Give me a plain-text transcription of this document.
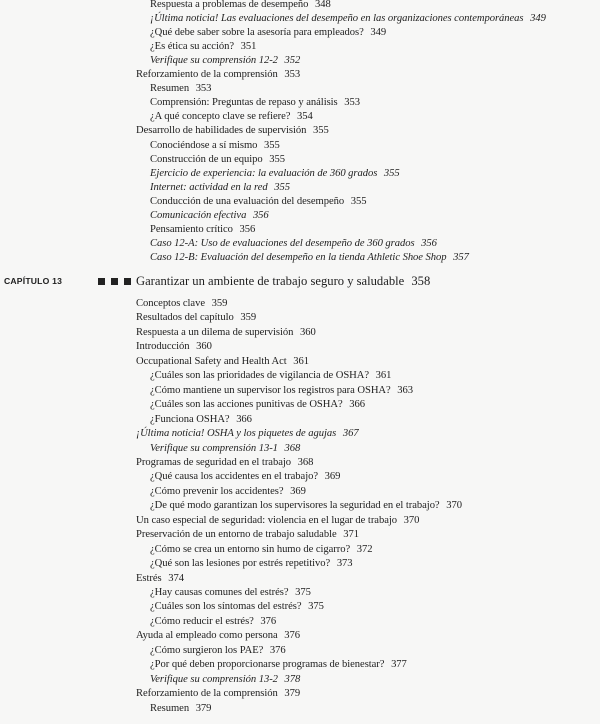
Respuesta a problemas de desempeño 348
¡Última noticia! Las evaluaciones del desempeño en las organizaciones contemporáneas 349
¿Qué debe saber sobre la asesoría para empleados? 349
¿Es ética su acción? 351
Verifique su comprensión 12-2 352
Reforzamiento de la comprensión 353
Resumen 353
Comprensión: Preguntas de repaso y análisis 353
¿A qué concepto clave se refiere? 354
Desarrollo de habilidades de supervisión 355
Conociéndose a sí mismo 355
Construcción de un equipo 355
Ejercicio de experiencia: la evaluación de 360 grados 355
Internet: actividad en la red 355
Conducción de una evaluación del desempeño 355
Comunicación efectiva 356
Pensamiento crítico 356
Caso 12-A: Uso de evaluaciones del desempeño de 360 grados 356
Caso 12-B: Evaluación del desempeño en la tienda Athletic Shoe Shop 357
CAPÍTULO 13	Garantizar un ambiente de trabajo seguro y saludable 358
Conceptos clave 359
Resultados del capítulo 359
Respuesta a un dilema de supervisión 360
Introducción 360
Occupational Safety and Health Act 361
¿Cuáles son las prioridades de vigilancia de OSHA? 361
¿Cómo mantiene un supervisor los registros para OSHA? 363
¿Cuáles son las acciones punitivas de OSHA? 366
¿Funciona OSHA? 366
¡Última noticia! OSHA y los piquetes de agujas 367
Verifique su comprensión 13-1 368
Programas de seguridad en el trabajo 368
¿Qué causa los accidentes en el trabajo? 369
¿Cómo prevenir los accidentes? 369
¿De qué modo garantizan los supervisores la seguridad en el trabajo? 370
Un caso especial de seguridad: violencia en el lugar de trabajo 370
Preservación de un entorno de trabajo saludable 371
¿Cómo se crea un entorno sin humo de cigarro? 372
¿Qué son las lesiones por estrés repetitivo? 373
Estrés 374
¿Hay causas comunes del estrés? 375
¿Cuáles son los síntomas del estrés? 375
¿Cómo reducir el estrés? 376
Ayuda al empleado como persona 376
¿Cómo surgieron los PAE? 376
¿Por qué deben proporcionarse programas de bienestar? 377
Verifique su comprensión 13-2 378
Reforzamiento de la comprensión 379
Resumen 379
